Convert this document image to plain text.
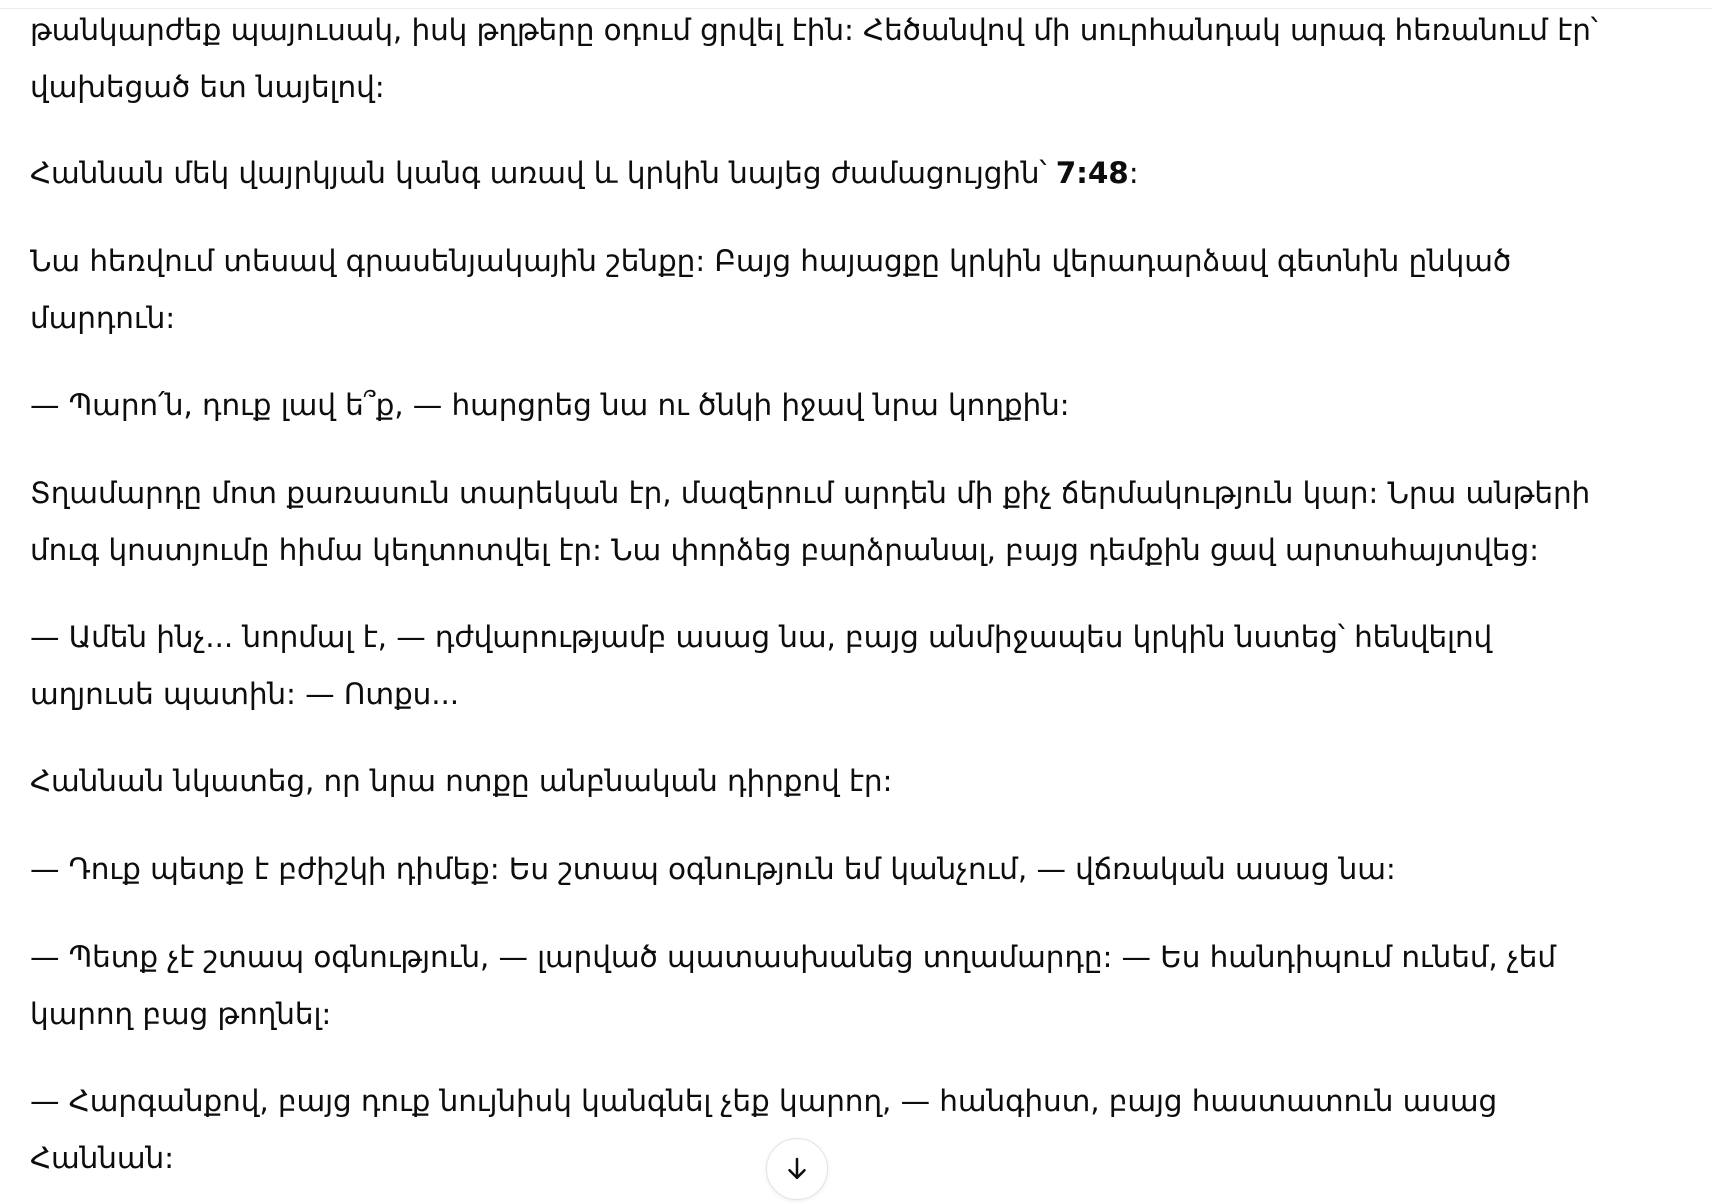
թանկարժեք պայուսակ, իսկ թղթերը օդում ցրվել էին: Հեծանվով մի սուրհանդակ արագ հեռանում էր՝
վախեցած ետ նայելով:

Հաննան մեկ վայրկյան կանգ առավ և կրկին նայեց ժամացույցին՝ 7:48:

Նա հեռվում տեսավ գրասենյակային շենքը: Բայց հայացքը կրկին վերադարձավ գետնին ընկած
մարդուն:

— Պարո՛ն, դուք լավ ե՞ք, — հարցրեց նա ու ծնկի իջավ նրա կողքին:

Տղամարդը մոտ քառասուն տարեկան էր, մազերում արդեն մի քիչ ճերմակություն կար: Նրա անթերի
մուգ կոստյումը հիմա կեղտոտվել էր: Նա փորձեց բարձրանալ, բայց դեմքին ցավ արտահայտվեց:

— Ամեն ինչ... նորմալ է, — դժվարությամբ ասաց նա, բայց անմիջապես կրկին նստեց՝ հենվելով
աղյուսե պատին: — Ոտքս...

Հաննան նկատեց, որ նրա ոտքը անբնական դիրքով էր:

— Դուք պետք է բժիշկի դիմեք: Ես շտապ օգնություն եմ կանչում, — վճռական ասաց նա:

— Պետք չէ շտապ օգնություն, — լարված պատասխանեց տղամարդը: — Ես հանդիպում ունեմ, չեմ
կարող բաց թողնել:

— Հարգանքով, բայց դուք նույնիսկ կանգնել չեք կարող, — հանգիստ, բայց հաստատուն ասաց
Հաննան:
